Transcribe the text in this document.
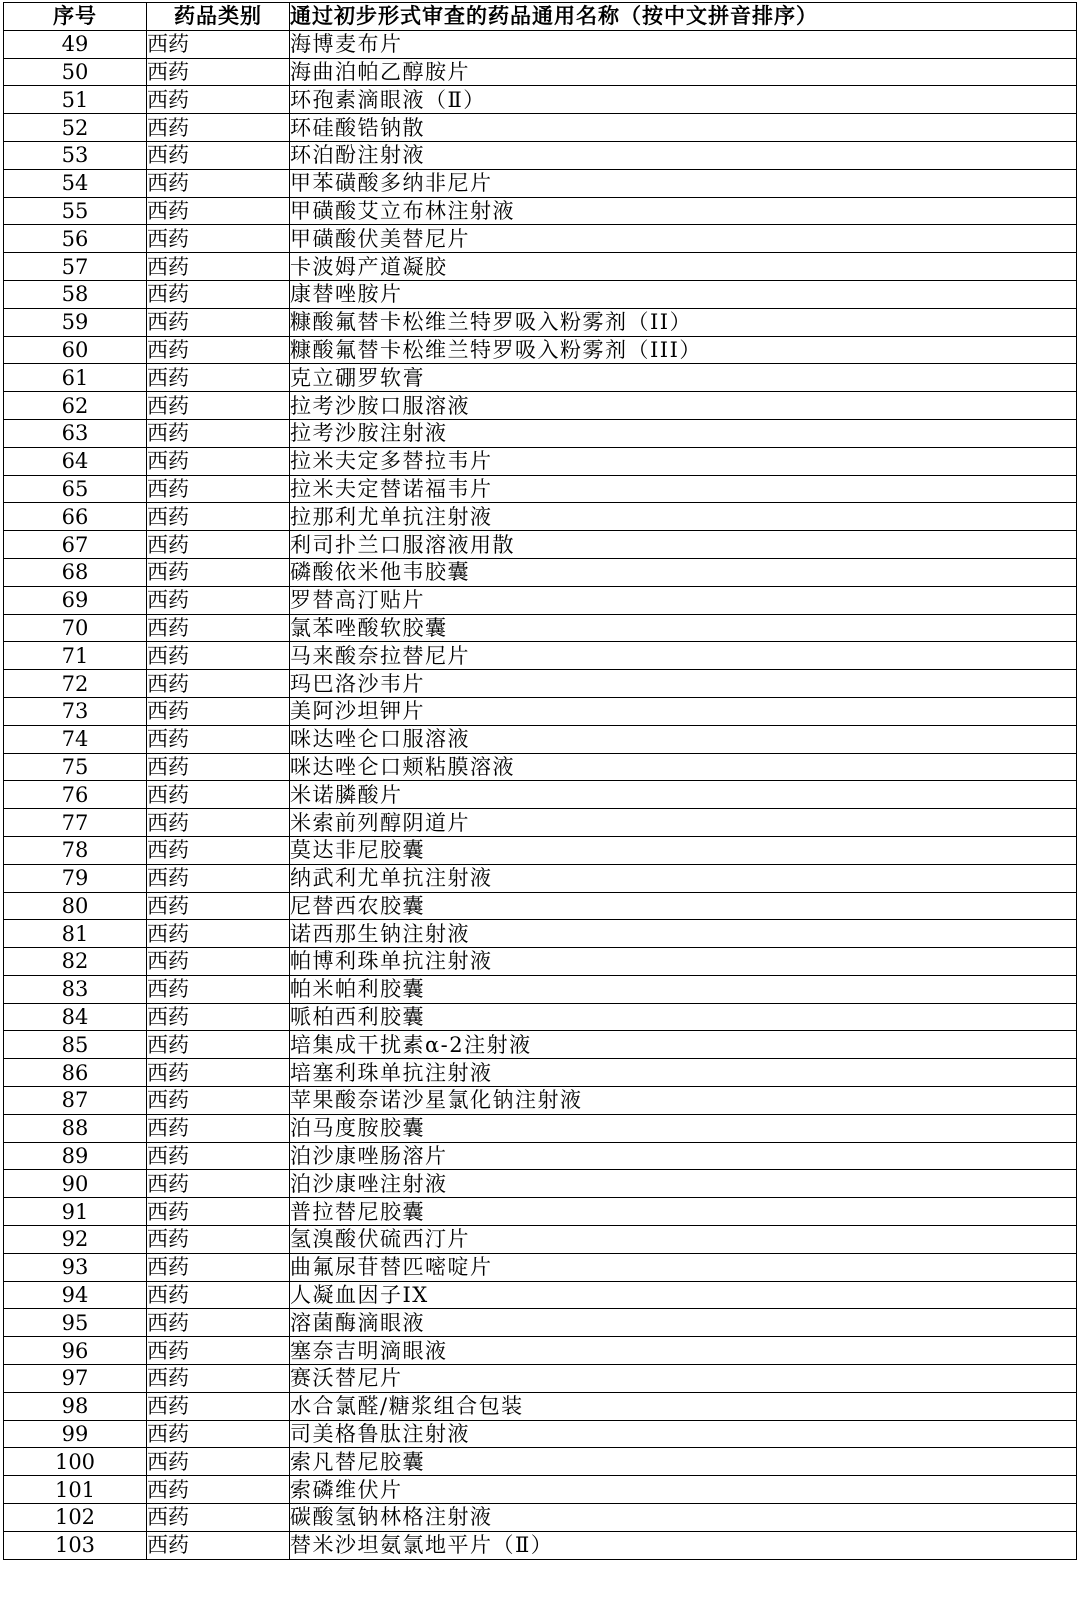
序号	药品类别	通过初步形式审查的药品通用名称（按中文拼音排序）
49	西药	海博麦布片
50	西药	海曲泊帕乙醇胺片
51	西药	环孢素滴眼液（Ⅱ）
52	西药	环硅酸锆钠散
53	西药	环泊酚注射液
54	西药	甲苯磺酸多纳非尼片
55	西药	甲磺酸艾立布林注射液
56	西药	甲磺酸伏美替尼片
57	西药	卡波姆产道凝胶
58	西药	康替唑胺片
59	西药	糠酸氟替卡松维兰特罗吸入粉雾剂（II）
60	西药	糠酸氟替卡松维兰特罗吸入粉雾剂（III）
61	西药	克立硼罗软膏
62	西药	拉考沙胺口服溶液
63	西药	拉考沙胺注射液
64	西药	拉米夫定多替拉韦片
65	西药	拉米夫定替诺福韦片
66	西药	拉那利尤单抗注射液
67	西药	利司扑兰口服溶液用散
68	西药	磷酸依米他韦胶囊
69	西药	罗替高汀贴片
70	西药	氯苯唑酸软胶囊
71	西药	马来酸奈拉替尼片
72	西药	玛巴洛沙韦片
73	西药	美阿沙坦钾片
74	西药	咪达唑仑口服溶液
75	西药	咪达唑仑口颊粘膜溶液
76	西药	米诺膦酸片
77	西药	米索前列醇阴道片
78	西药	莫达非尼胶囊
79	西药	纳武利尤单抗注射液
80	西药	尼替西农胶囊
81	西药	诺西那生钠注射液
82	西药	帕博利珠单抗注射液
83	西药	帕米帕利胶囊
84	西药	哌柏西利胶囊
85	西药	培集成干扰素α-2注射液
86	西药	培塞利珠单抗注射液
87	西药	苹果酸奈诺沙星氯化钠注射液
88	西药	泊马度胺胶囊
89	西药	泊沙康唑肠溶片
90	西药	泊沙康唑注射液
91	西药	普拉替尼胶囊
92	西药	氢溴酸伏硫西汀片
93	西药	曲氟尿苷替匹嘧啶片
94	西药	人凝血因子IX
95	西药	溶菌酶滴眼液
96	西药	塞奈吉明滴眼液
97	西药	赛沃替尼片
98	西药	水合氯醛/糖浆组合包装
99	西药	司美格鲁肽注射液
100	西药	索凡替尼胶囊
101	西药	索磷维伏片
102	西药	碳酸氢钠林格注射液
103	西药	替米沙坦氨氯地平片（Ⅱ）
